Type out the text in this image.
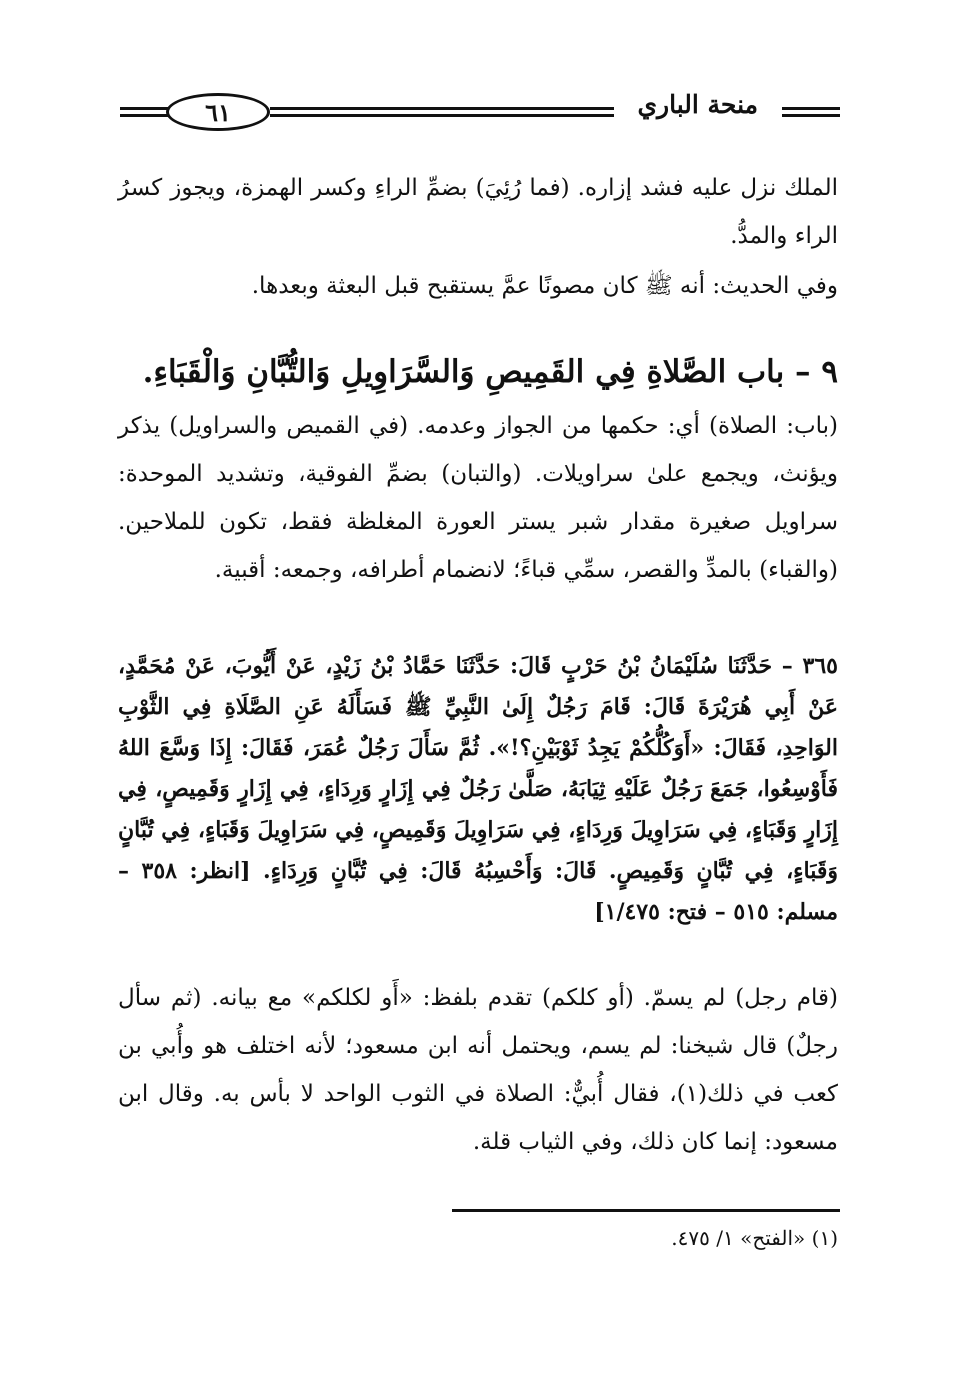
منحة الباري
٦١
الملك نزل عليه فشد إزاره. (فما رُئِيَ) بضمِّ الراءِ وكسر الهمزة، ويجوز كسرُ الراء والمدُّ.
وفي الحديث: أنه ﷺ كان مصونًا عمَّ يستقبح قبل البعثة وبعدها.
٩ – باب الصَّلاةِ فِي القَمِيصِ وَالسَّرَاوِيلِ وَالتُّبَّانِ وَالْقَبَاءِ.
(باب: الصلاة) أي: حكمها من الجواز وعدمه. (في القميص والسراويل) يذكر ويؤنث، ويجمع علىٰ سراويلات. (والتبان) بضمِّ الفوقية، وتشديد الموحدة: سراويل صغيرة مقدار شبر يستر العورة المغلظة فقط، تكون للملاحين. (والقباء) بالمدِّ والقصر، سمِّي قباءً؛ لانضمام أطرافه، وجمعه: أقبية.
٣٦٥ – حَدَّثَنَا سُلَيْمَانُ بْنُ حَرْبٍ قَالَ: حَدَّثَنَا حَمَّادُ بْنُ زَيْدٍ، عَنْ أَيُّوبَ، عَنْ مُحَمَّدٍ، عَنْ أَبِي هُرَيْرَةَ قَالَ: قَامَ رَجُلٌ إِلَىٰ النَّبِيِّ ﷺ فَسَأَلَهُ عَنِ الصَّلَاةِ فِي الثَّوْبِ الوَاحِدِ، فَقَالَ: «أَوَكُلُّكُمْ يَجِدُ ثَوْبَيْنِ؟!». ثُمَّ سَأَلَ رَجُلٌ عُمَرَ، فَقَالَ: إِذَا وَسَّعَ اللهُ فَأَوْسِعُوا، جَمَعَ رَجُلٌ عَلَيْهِ ثِيَابَهُ، صَلَّىٰ رَجُلٌ فِي إِزَارٍ وَرِدَاءٍ، فِي إِزَارٍ وَقَمِيصٍ، فِي إِزَارٍ وَقَبَاءٍ، فِي سَرَاوِيلَ وَرِدَاءٍ، فِي سَرَاوِيلَ وَقَمِيصٍ، فِي سَرَاوِيلَ وَقَبَاءٍ، فِي تُبَّانٍ وَقَبَاءٍ، فِي تُبَّانٍ وَقَمِيصٍ. قَالَ: وَأَحْسِبُهُ قَالَ: فِي تُبَّانٍ وَرِدَاءٍ. [انظر: ٣٥٨ – مسلم: ٥١٥ – فتح: ١/٤٧٥]
(قام رجل) لم يسمّ. (أو كلكم) تقدم بلفظ: «أَو لكلكم» مع بيانه. (ثم سأل رجلٌ) قال شيخنا: لم يسم، ويحتمل أنه ابن مسعود؛ لأنه اختلف هو وأُبي بن كعب في ذلك(١)، فقال أُبيٌّ: الصلاة في الثوب الواحد لا بأس به. وقال ابن مسعود: إنما كان ذلك، وفي الثياب قلة.
(١) «الفتح» ١/ ٤٧٥.
